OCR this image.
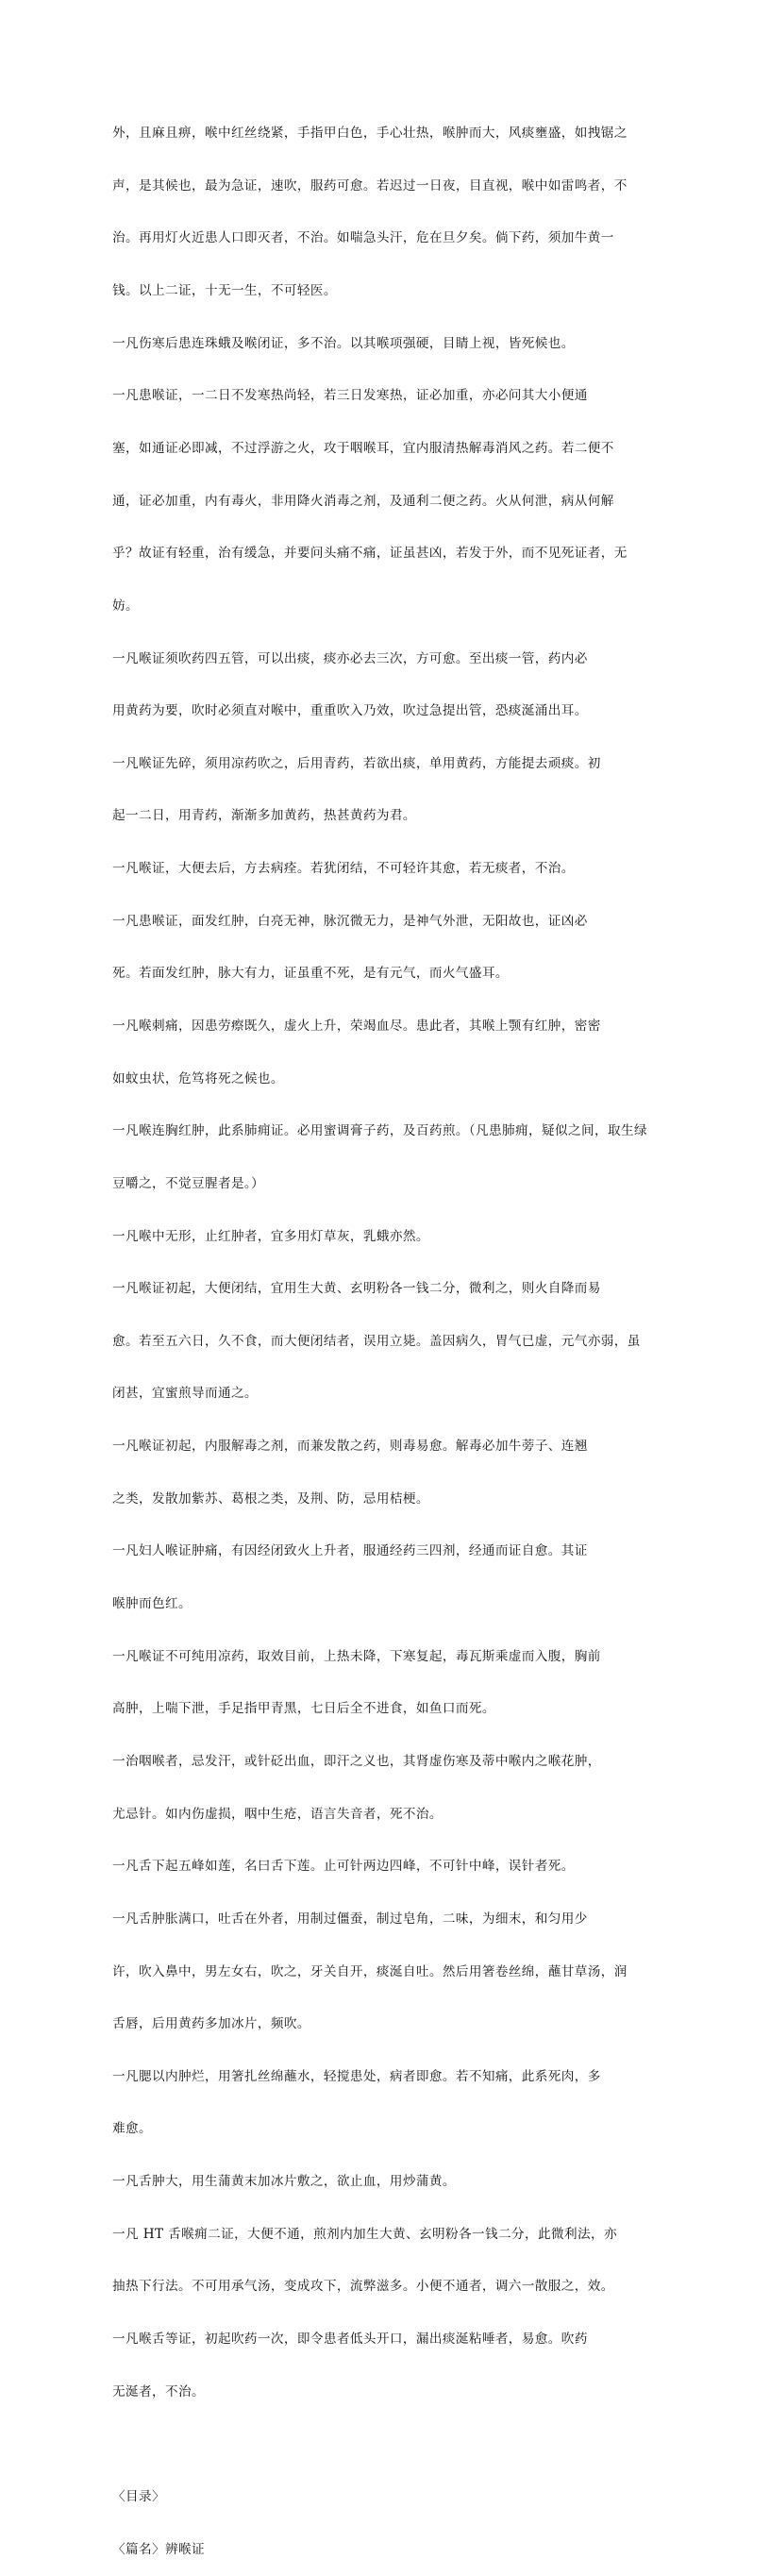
外，且麻且痹，喉中红丝绕紧，手指甲白色，手心壮热，喉肿而大，风痰壅盛，如拽锯之

声，是其候也，最为急证，速吹，服药可愈。若迟过一日夜，目直视，喉中如雷鸣者，不

治。再用灯火近患人口即灭者，不治。如喘急头汗，危在旦夕矣。倘下药，须加牛黄一

钱。以上二证，十无一生，不可轻医。

一凡伤寒后患连珠蛾及喉闭证，多不治。以其喉项强硬，目睛上视，皆死候也。

一凡患喉证，一二日不发寒热尚轻，若三日发寒热，证必加重，亦必问其大小便通

塞，如通证必即减，不过浮游之火，攻于咽喉耳，宜内服清热解毒消风之药。若二便不

通，证必加重，内有毒火，非用降火消毒之剂，及通利二便之药。火从何泄，病从何解

乎？故证有轻重，治有缓急，并要问头痛不痛，证虽甚凶，若发于外，而不见死证者，无

妨。

一凡喉证须吹药四五管，可以出痰，痰亦必去三次，方可愈。至出痰一管，药内必

用黄药为要，吹时必须直对喉中，重重吹入乃效，吹过急提出管，恐痰涎涌出耳。

一凡喉证先碎，须用凉药吹之，后用青药，若欲出痰，单用黄药，方能提去顽痰。初

起一二日，用青药，渐渐多加黄药，热甚黄药为君。

一凡喉证，大便去后，方去病痊。若犹闭结，不可轻许其愈，若无痰者，不治。

一凡患喉证，面发红肿，白亮无神，脉沉微无力，是神气外泄，无阳故也，证凶必

死。若面发红肿，脉大有力，证虽重不死，是有元气，而火气盛耳。

一凡喉刺痛，因患劳瘵既久，虚火上升，荣竭血尽。患此者，其喉上颚有红肿，密密

如蚊虫状，危笃将死之候也。

一凡喉连胸红肿，此系肺痈证。必用蜜调膏子药，及百药煎。（凡患肺痈，疑似之间，取生绿

豆嚼之，不觉豆腥者是。）

一凡喉中无形，止红肿者，宜多用灯草灰，乳蛾亦然。

一凡喉证初起，大便闭结，宜用生大黄、玄明粉各一钱二分，微利之，则火自降而易

愈。若至五六日，久不食，而大便闭结者，误用立毙。盖因病久，胃气已虚，元气亦弱，虽

闭甚，宜蜜煎导而通之。

一凡喉证初起，内服解毒之剂，而兼发散之药，则毒易愈。解毒必加牛蒡子、连翘

之类，发散加紫苏、葛根之类，及荆、防，忌用桔梗。

一凡妇人喉证肿痛，有因经闭致火上升者，服通经药三四剂，经通而证自愈。其证

喉肿而色红。

一凡喉证不可纯用凉药，取效目前，上热未降，下寒复起，毒瓦斯乘虚而入腹，胸前

高肿，上喘下泄，手足指甲青黑，七日后全不进食，如鱼口而死。

一治咽喉者，忌发汗，或针砭出血，即汗之义也，其肾虚伤寒及蒂中喉内之喉花肿，

尤忌针。如内伤虚损，咽中生疮，语言失音者，死不治。

一凡舌下起五峰如莲，名曰舌下莲。止可针两边四峰，不可针中峰，误针者死。

一凡舌肿胀满口，吐舌在外者，用制过僵蚕，制过皂角，二味，为细末，和匀用少

许，吹入鼻中，男左女右，吹之，牙关自开，痰涎自吐。然后用箸卷丝绵，蘸甘草汤，润

舌唇，后用黄药多加冰片，频吹。

一凡腮以内肿烂，用箸扎丝绵蘸水，轻搅患处，病者即愈。若不知痛，此系死肉，多

难愈。

一凡舌肿大，用生蒲黄末加冰片敷之，欲止血，用炒蒲黄。

一凡 HT 舌喉痈二证，大便不通，煎剂内加生大黄、玄明粉各一钱二分，此微利法，亦

抽热下行法。不可用承气汤，变成攻下，流弊滋多。小便不通者，调六一散服之，效。

一凡喉舌等证，初起吹药一次，即令患者低头开口，漏出痰涎粘唾者，易愈。吹药

无涎者，不治。

〈目录〉

〈篇名〉辨喉证
